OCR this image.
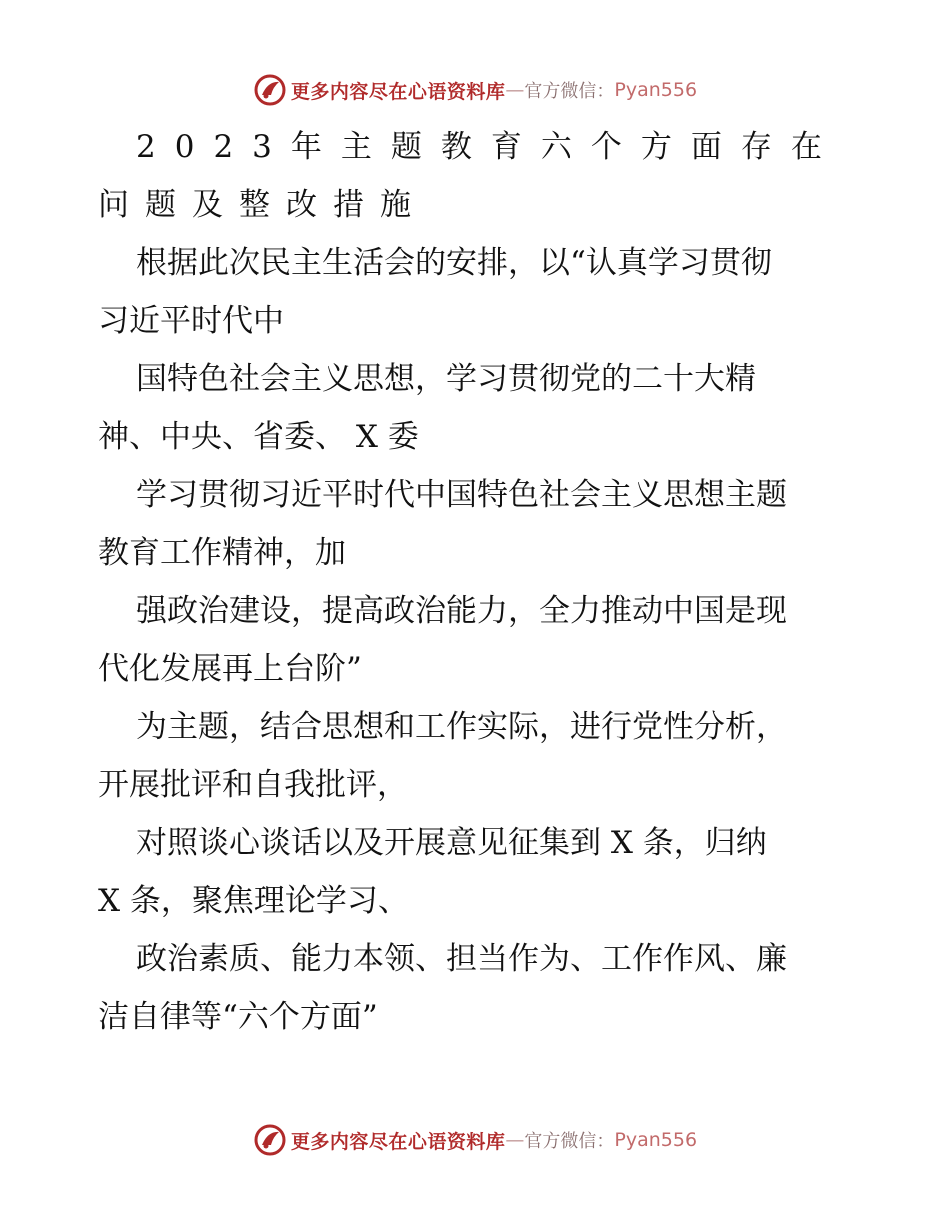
更多内容尽在心语资料库 — 官方微信： Pyan556
2023年主题教育六个方面存在
问题及整改措施
根据此次民主生活会的安排，以“认真学习贯彻
习近平时代中
国特色社会主义思想，学习贯彻党的二十大精
神、中央、省委、 X 委
学习贯彻习近平时代中国特色社会主义思想主题
教育工作精神，加
强政治建设，提高政治能力，全力推动中国是现
代化发展再上台阶”
为主题，结合思想和工作实际，进行党性分析，
开展批评和自我批评，
对照谈心谈话以及开展意见征集到 X 条，归纳
X 条，聚焦理论学习、
政治素质、能力本领、担当作为、工作作风、廉
洁自律等“六个方面”
更多内容尽在心语资料库 — 官方微信： Pyan556
